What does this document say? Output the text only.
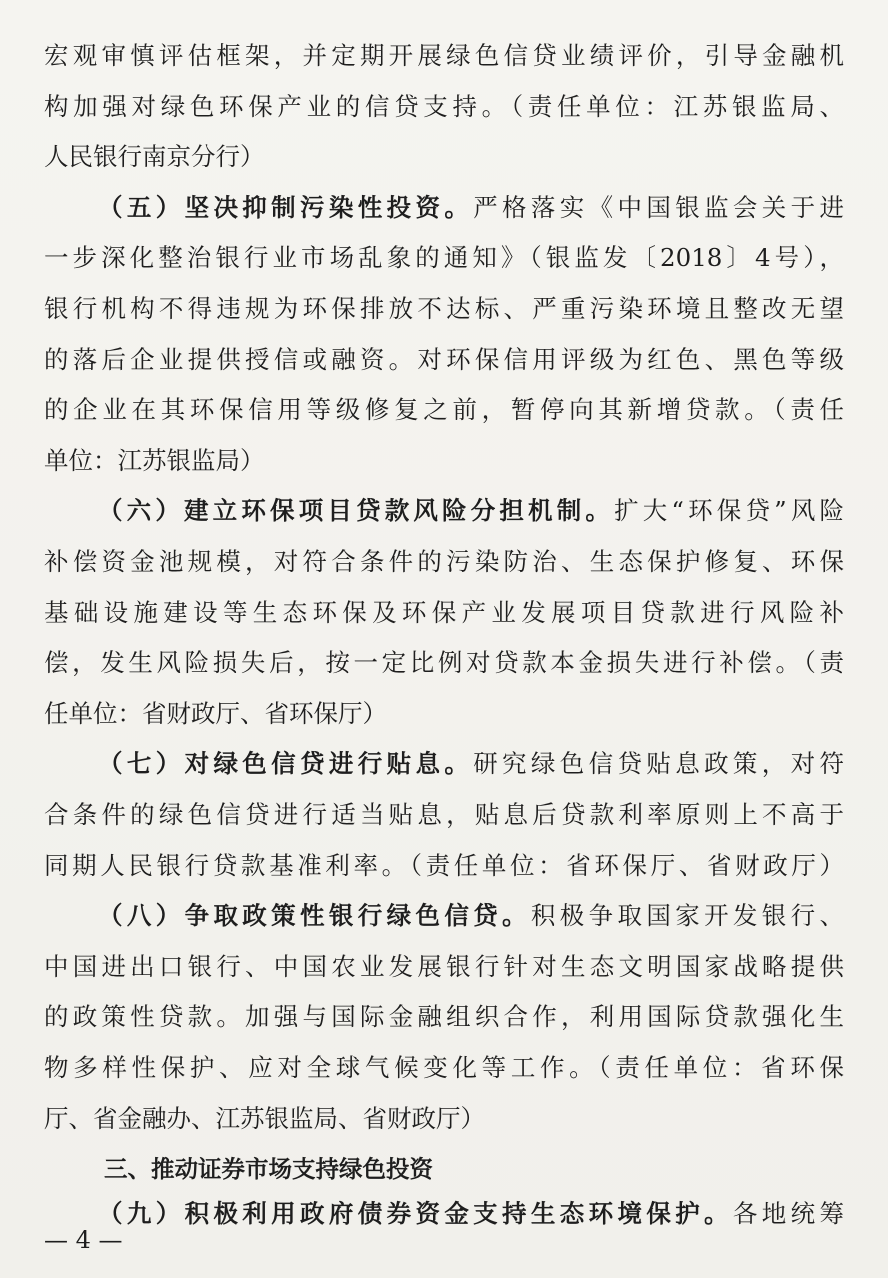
宏观审慎评估框架，并定期开展绿色信贷业绩评价，引导金融机
构加强对绿色环保产业的信贷支持。（责任单位：江苏银监局、
人民银行南京分行）
（五）坚决抑制污染性投资。严格落实《中国银监会关于进
一步深化整治银行业市场乱象的通知》（银监发〔2018〕4号），
银行机构不得违规为环保排放不达标、严重污染环境且整改无望
的落后企业提供授信或融资。对环保信用评级为红色、黑色等级
的企业在其环保信用等级修复之前，暂停向其新增贷款。（责任
单位：江苏银监局）
（六）建立环保项目贷款风险分担机制。扩大“环保贷”风险
补偿资金池规模，对符合条件的污染防治、生态保护修复、环保
基础设施建设等生态环保及环保产业发展项目贷款进行风险补
偿，发生风险损失后，按一定比例对贷款本金损失进行补偿。（责
任单位：省财政厅、省环保厅）
（七）对绿色信贷进行贴息。研究绿色信贷贴息政策，对符
合条件的绿色信贷进行适当贴息，贴息后贷款利率原则上不高于
同期人民银行贷款基准利率。（责任单位：省环保厅、省财政厅）
（八）争取政策性银行绿色信贷。积极争取国家开发银行、
中国进出口银行、中国农业发展银行针对生态文明国家战略提供
的政策性贷款。加强与国际金融组织合作，利用国际贷款强化生
物多样性保护、应对全球气候变化等工作。（责任单位：省环保
厅、省金融办、江苏银监局、省财政厅）
三、推动证券市场支持绿色投资
（九）积极利用政府债券资金支持生态环境保护。各地统筹
— 4 —
